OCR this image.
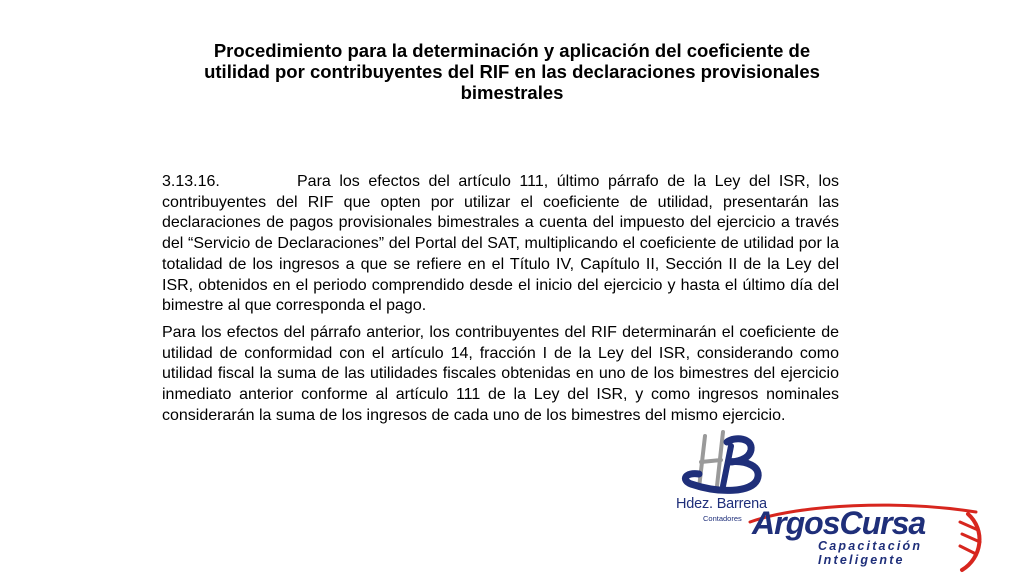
Procedimiento para la determinación y aplicación del coeficiente de utilidad por contribuyentes del RIF en las declaraciones provisionales bimestrales

3.13.16.	Para los efectos del artículo 111, último párrafo de la Ley del ISR, los contribuyentes del RIF que opten por utilizar el coeficiente de utilidad, presentarán las declaraciones de pagos provisionales bimestrales a cuenta del impuesto del ejercicio a través del “Servicio de Declaraciones” del Portal del SAT, multiplicando el coeficiente de utilidad por la totalidad de los ingresos a que se refiere en el Título IV, Capítulo II, Sección II de la Ley del ISR, obtenidos en el periodo comprendido desde el inicio del ejercicio y hasta el último día del bimestre al que corresponda el pago.

Para los efectos del párrafo anterior, los contribuyentes del RIF determinarán el coeficiente de utilidad de conformidad con el artículo 14, fracción I de la Ley del ISR, considerando como utilidad fiscal la suma de las utilidades fiscales obtenidas en uno de los bimestres del ejercicio inmediato anterior conforme al artículo 111 de la Ley del ISR, y como ingresos nominales considerarán la suma de los ingresos de cada uno de los bimestres del mismo ejercicio.

Hdez. Barrena
Contadores ArgosCursa
Capacitación
Inteligente
